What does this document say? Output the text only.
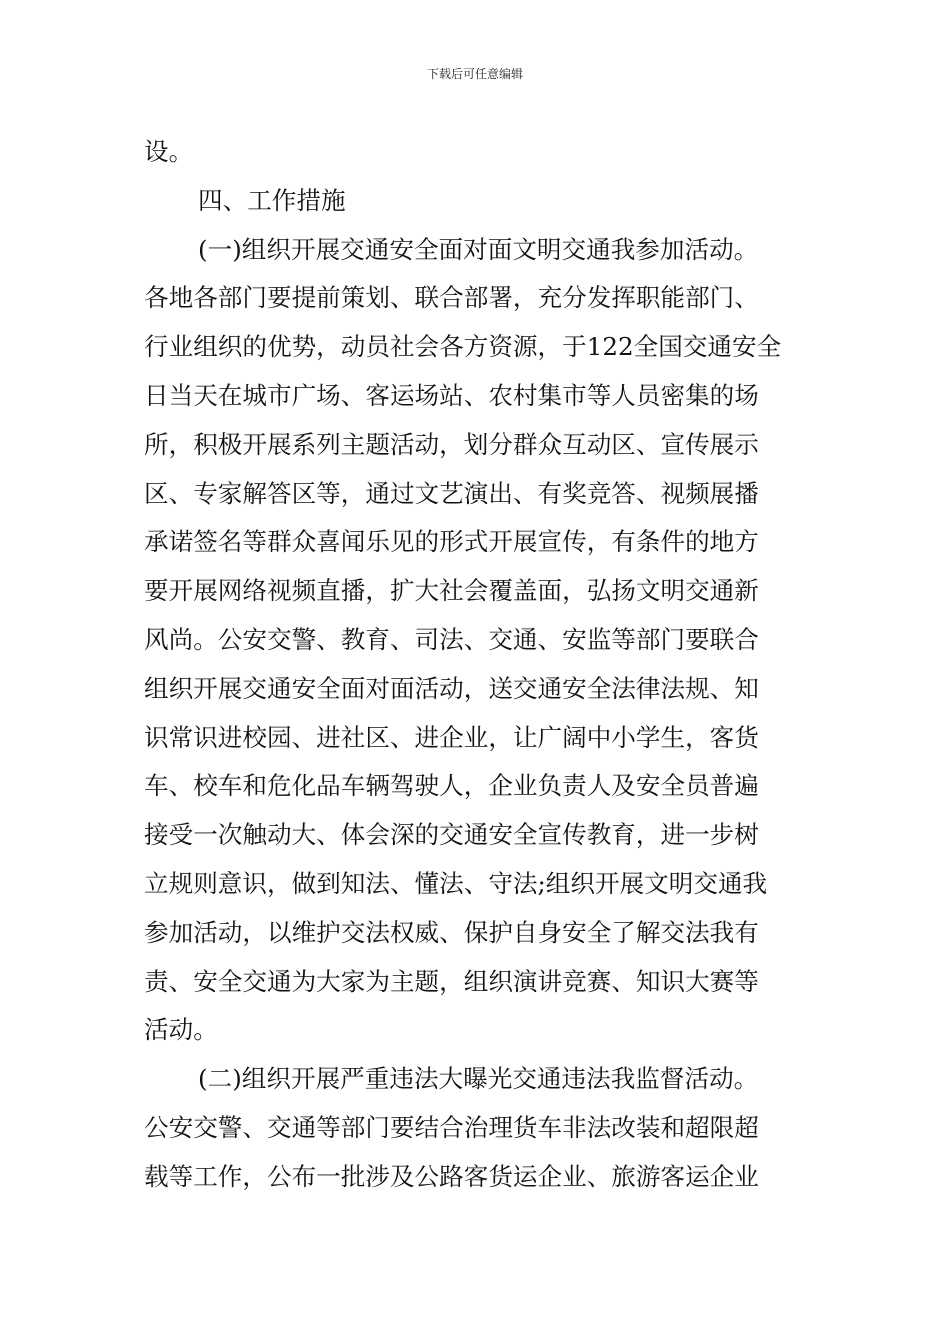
下载后可任意编辑
设。
四、工作措施
(一)组织开展交通安全面对面文明交通我参加活动。
各地各部门要提前策划、联合部署，充分发挥职能部门、
行业组织的优势，动员社会各方资源，于122全国交通安全
日当天在城市广场、客运场站、农村集市等人员密集的场
所，积极开展系列主题活动，划分群众互动区、宣传展示
区、专家解答区等，通过文艺演出、有奖竞答、视频展播
承诺签名等群众喜闻乐见的形式开展宣传，有条件的地方
要开展网络视频直播，扩大社会覆盖面，弘扬文明交通新
风尚。公安交警、教育、司法、交通、安监等部门要联合
组织开展交通安全面对面活动，送交通安全法律法规、知
识常识进校园、进社区、进企业，让广阔中小学生，客货
车、校车和危化品车辆驾驶人，企业负责人及安全员普遍
接受一次触动大、体会深的交通安全宣传教育，进一步树
立规则意识，做到知法、懂法、守法;组织开展文明交通我
参加活动，以维护交法权威、保护自身安全了解交法我有
责、安全交通为大家为主题，组织演讲竞赛、知识大赛等
活动。
(二)组织开展严重违法大曝光交通违法我监督活动。
公安交警、交通等部门要结合治理货车非法改装和超限超
载等工作，公布一批涉及公路客货运企业、旅游客运企业
